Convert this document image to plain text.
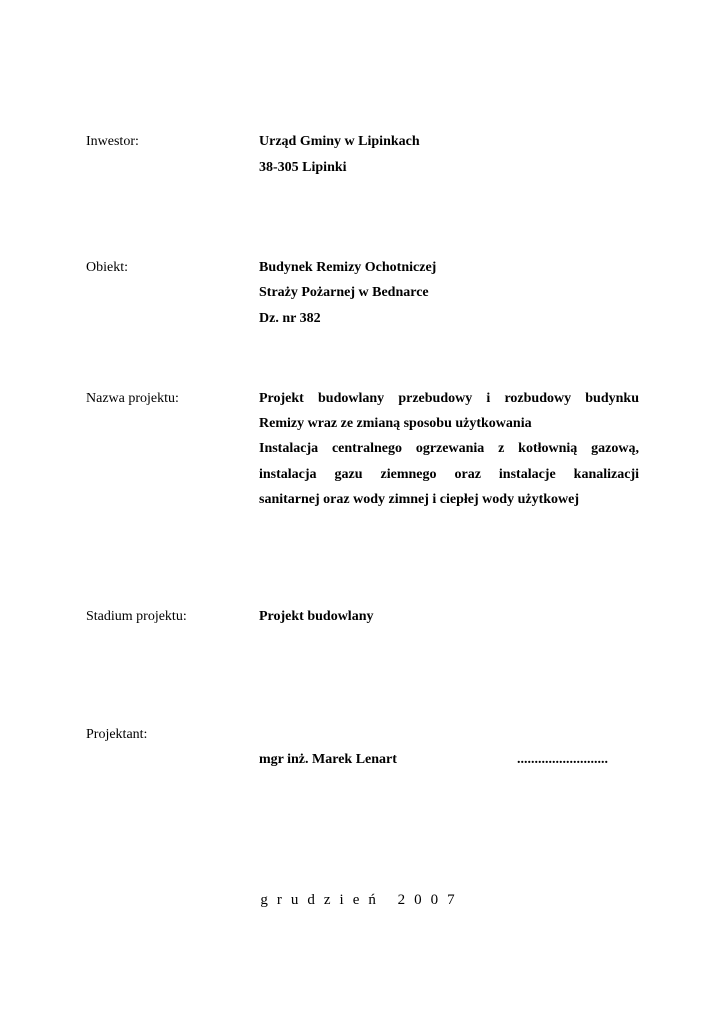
Inwestor:	Urząd Gminy w Lipinkach
38-305 Lipinki
Obiekt:	Budynek Remizy Ochotniczej
Straży Pożarnej w Bednarce
Dz. nr 382
Nazwa projektu:	Projekt budowlany przebudowy i rozbudowy budynku
Remizy wraz ze zmianą sposobu użytkowania
Instalacja centralnego ogrzewania z kotłownią gazową,
instalacja gazu ziemnego oraz instalacje kanalizacji
sanitarnej oraz wody zimnej i ciepłej wody użytkowej
Stadium projektu:	Projekt budowlany
Projektant:
mgr inż. Marek Lenart	..........................
grudzień 2007
